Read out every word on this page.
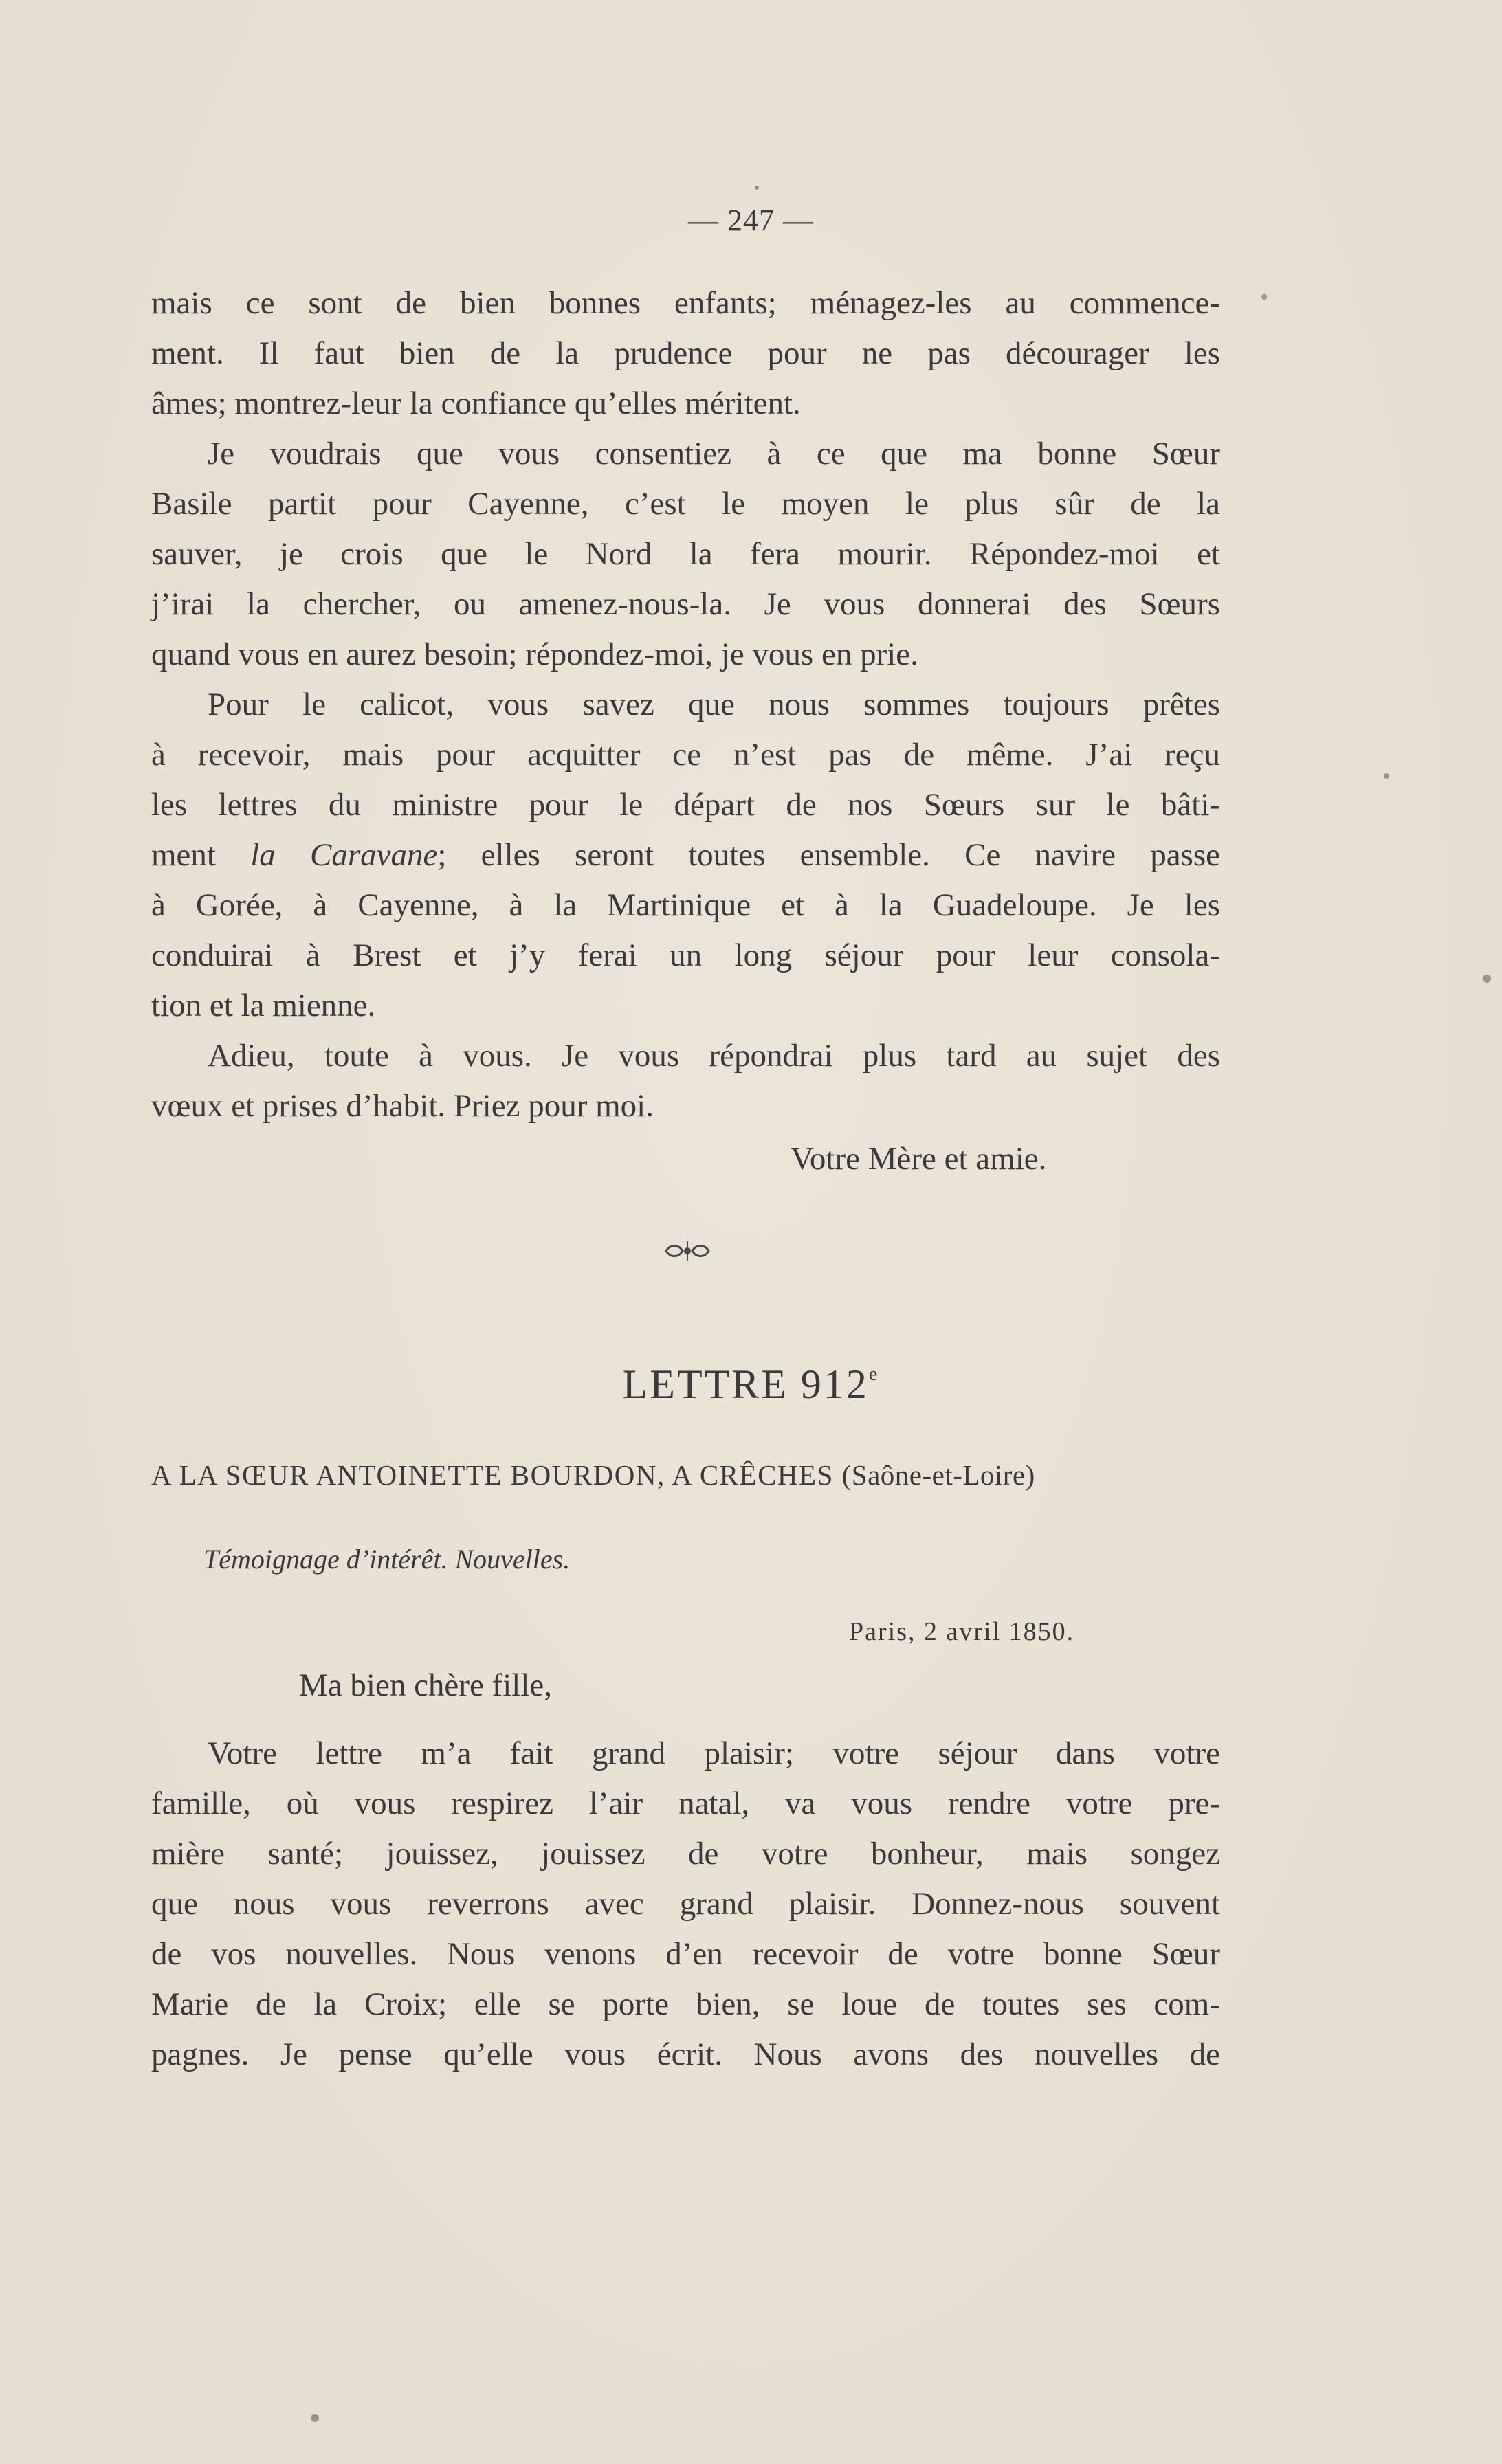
— 247 —
mais ce sont de bien bonnes enfants; ménagez-les au commence-
ment. Il faut bien de la prudence pour ne pas décourager les
âmes; montrez-leur la confiance qu’elles méritent.
Je voudrais que vous consentiez à ce que ma bonne Sœur
Basile partit pour Cayenne, c’est le moyen le plus sûr de la
sauver, je crois que le Nord la fera mourir. Répondez-moi et
j’irai la chercher, ou amenez-nous-la. Je vous donnerai des Sœurs
quand vous en aurez besoin; répondez-moi, je vous en prie.
Pour le calicot, vous savez que nous sommes toujours prêtes
à recevoir, mais pour acquitter ce n’est pas de même. J’ai reçu
les lettres du ministre pour le départ de nos Sœurs sur le bâti-
ment la Caravane; elles seront toutes ensemble. Ce navire passe
à Gorée, à Cayenne, à la Martinique et à la Guadeloupe. Je les
conduirai à Brest et j’y ferai un long séjour pour leur consola-
tion et la mienne.
Adieu, toute à vous. Je vous répondrai plus tard au sujet des
vœux et prises d’habit. Priez pour moi.
Votre Mère et amie.
LETTRE 912e
A LA SŒUR ANTOINETTE BOURDON, A CRÊCHES (Saône-et-Loire)
Témoignage d’intérêt. Nouvelles.
Paris, 2 avril 1850.
Ma bien chère fille,
Votre lettre m’a fait grand plaisir; votre séjour dans votre
famille, où vous respirez l’air natal, va vous rendre votre pre-
mière santé; jouissez, jouissez de votre bonheur, mais songez
que nous vous reverrons avec grand plaisir. Donnez-nous souvent
de vos nouvelles. Nous venons d’en recevoir de votre bonne Sœur
Marie de la Croix; elle se porte bien, se loue de toutes ses com-
pagnes. Je pense qu’elle vous écrit. Nous avons des nouvelles de
